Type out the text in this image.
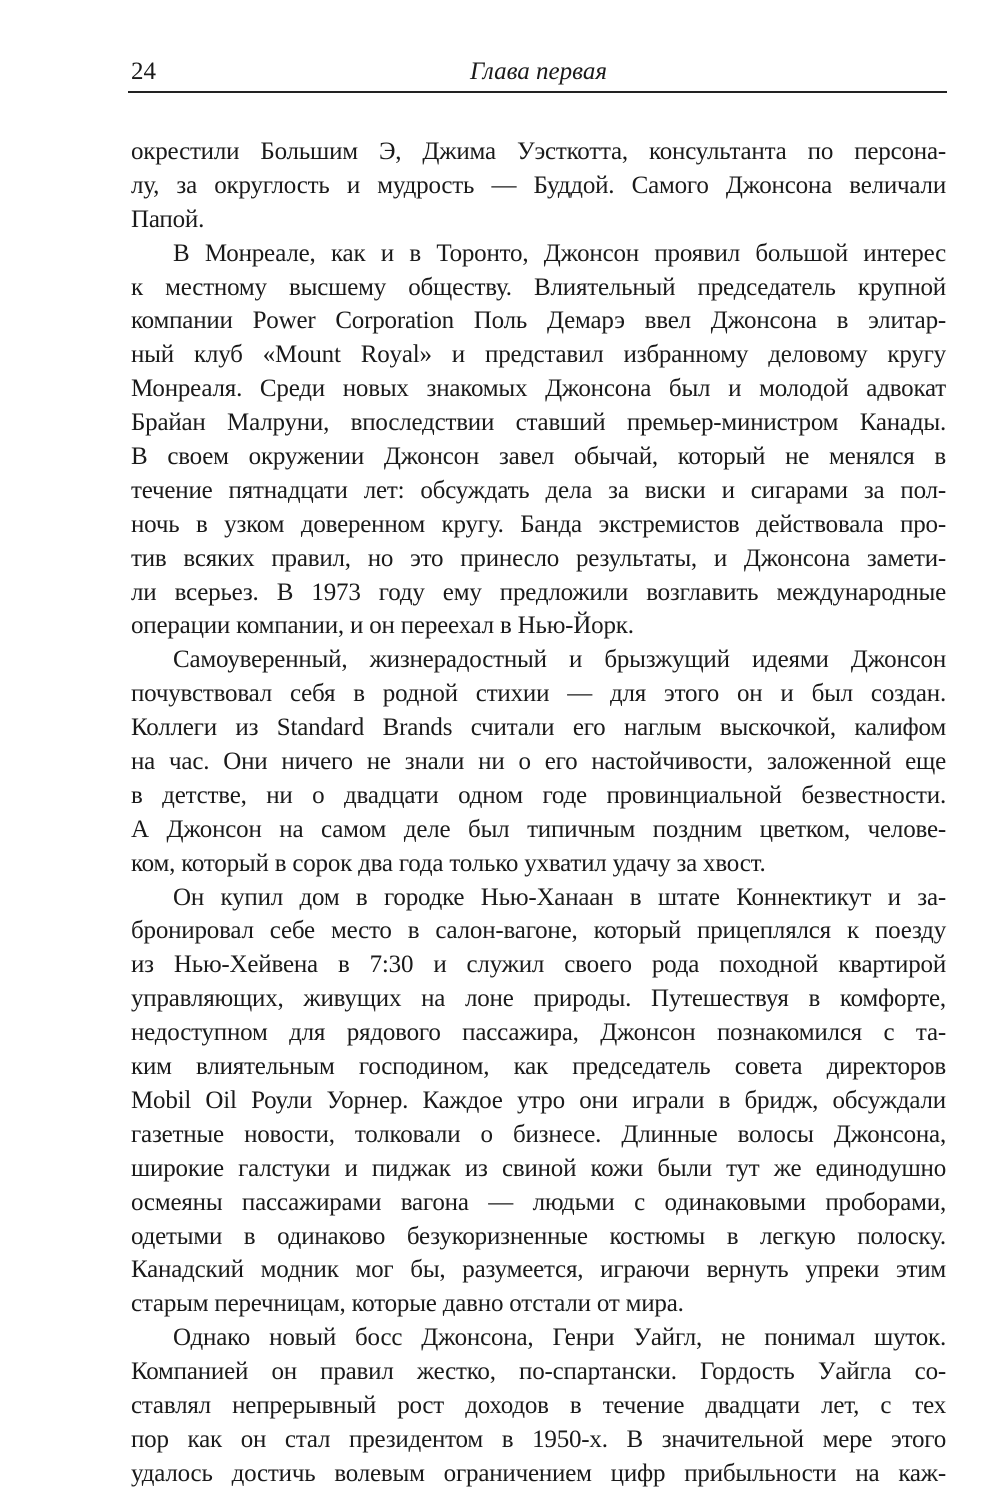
24	Глава первая
окрестили Большим Э, Джима Уэсткотта, консультанта по персона-
лу, за округлость и мудрость — Буддой. Самого Джонсона величали
Папой.
В Монреале, как и в Торонто, Джонсон проявил большой интерес
к местному высшему обществу. Влиятельный председатель крупной
компании Power Corporation Поль Демарэ ввел Джонсона в элитар-
ный клуб «Mount Royal» и представил избранному деловому кругу
Монреаля. Среди новых знакомых Джонсона был и молодой адвокат
Брайан Малруни, впоследствии ставший премьер-министром Канады.
В своем окружении Джонсон завел обычай, который не менялся в
течение пятнадцати лет: обсуждать дела за виски и сигарами за пол-
ночь в узком доверенном кругу. Банда экстремистов действовала про-
тив всяких правил, но это принесло результаты, и Джонсона замети-
ли всерьез. В 1973 году ему предложили возглавить международные
операции компании, и он переехал в Нью-Йорк.
Самоуверенный, жизнерадостный и брызжущий идеями Джонсон
почувствовал себя в родной стихии — для этого он и был создан.
Коллеги из Standard Brands считали его наглым выскочкой, калифом
на час. Они ничего не знали ни о его настойчивости, заложенной еще
в детстве, ни о двадцати одном годе провинциальной безвестности.
А Джонсон на самом деле был типичным поздним цветком, челове-
ком, который в сорок два года только ухватил удачу за хвост.
Он купил дом в городке Нью-Ханаан в штате Коннектикут и за-
бронировал себе место в салон-вагоне, который прицеплялся к поезду
из Нью-Хейвена в 7:30 и служил своего рода походной квартирой
управляющих, живущих на лоне природы. Путешествуя в комфорте,
недоступном для рядового пассажира, Джонсон познакомился с та-
ким влиятельным господином, как председатель совета директоров
Mobil Oil Роули Уорнер. Каждое утро они играли в бридж, обсуждали
газетные новости, толковали о бизнесе. Длинные волосы Джонсона,
широкие галстуки и пиджак из свиной кожи были тут же единодушно
осмеяны пассажирами вагона — людьми с одинаковыми проборами,
одетыми в одинаково безукоризненные костюмы в легкую полоску.
Канадский модник мог бы, разумеется, играючи вернуть упреки этим
старым перечницам, которые давно отстали от мира.
Однако новый босс Джонсона, Генри Уайгл, не понимал шуток.
Компанией он правил жестко, по-спартански. Гордость Уайгла со-
ставлял непрерывный рост доходов в течение двадцати лет, с тех
пор как он стал президентом в 1950-х. В значительной мере этого
удалось достичь волевым ограничением цифр прибыльности на каж-
